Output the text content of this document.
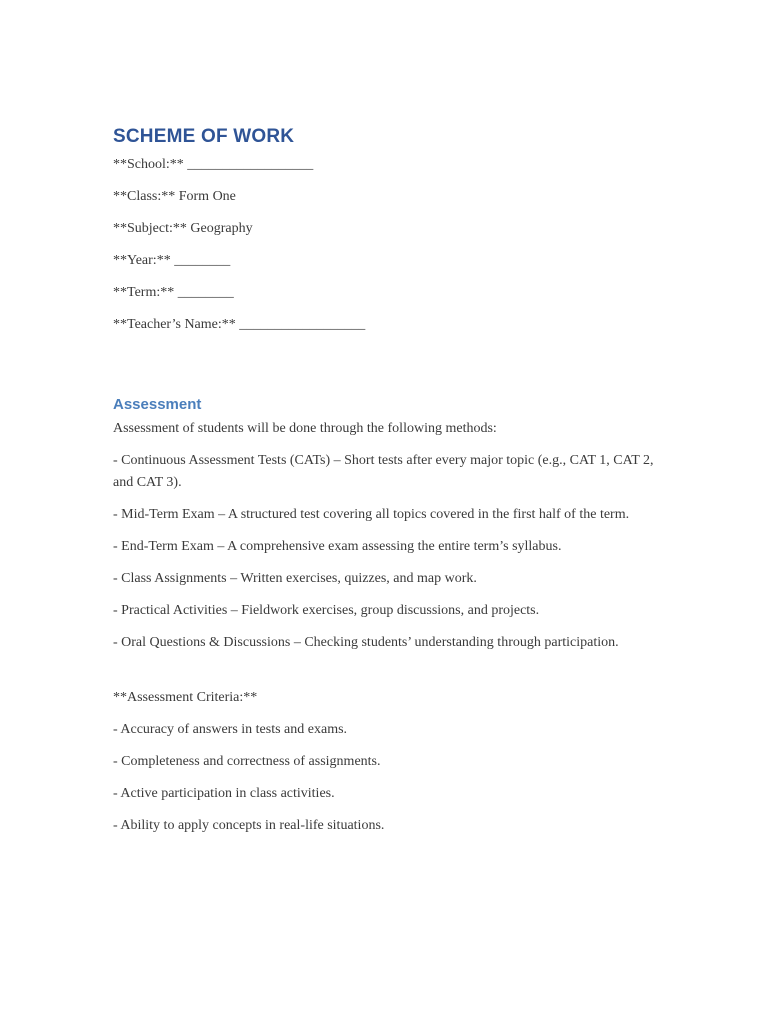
SCHEME OF WORK

**School:** __________________

**Class:** Form One

**Subject:** Geography

**Year:** ________

**Term:** ________

**Teacher’s Name:** __________________

Assessment

Assessment of students will be done through the following methods:

- Continuous Assessment Tests (CATs) – Short tests after every major topic (e.g., CAT 1, CAT 2, and CAT 3).

- Mid-Term Exam – A structured test covering all topics covered in the first half of the term.

- End-Term Exam – A comprehensive exam assessing the entire term’s syllabus.

- Class Assignments – Written exercises, quizzes, and map work.

- Practical Activities – Fieldwork exercises, group discussions, and projects.

- Oral Questions & Discussions – Checking students’ understanding through participation.

**Assessment Criteria:**

- Accuracy of answers in tests and exams.

- Completeness and correctness of assignments.

- Active participation in class activities.

- Ability to apply concepts in real-life situations.
